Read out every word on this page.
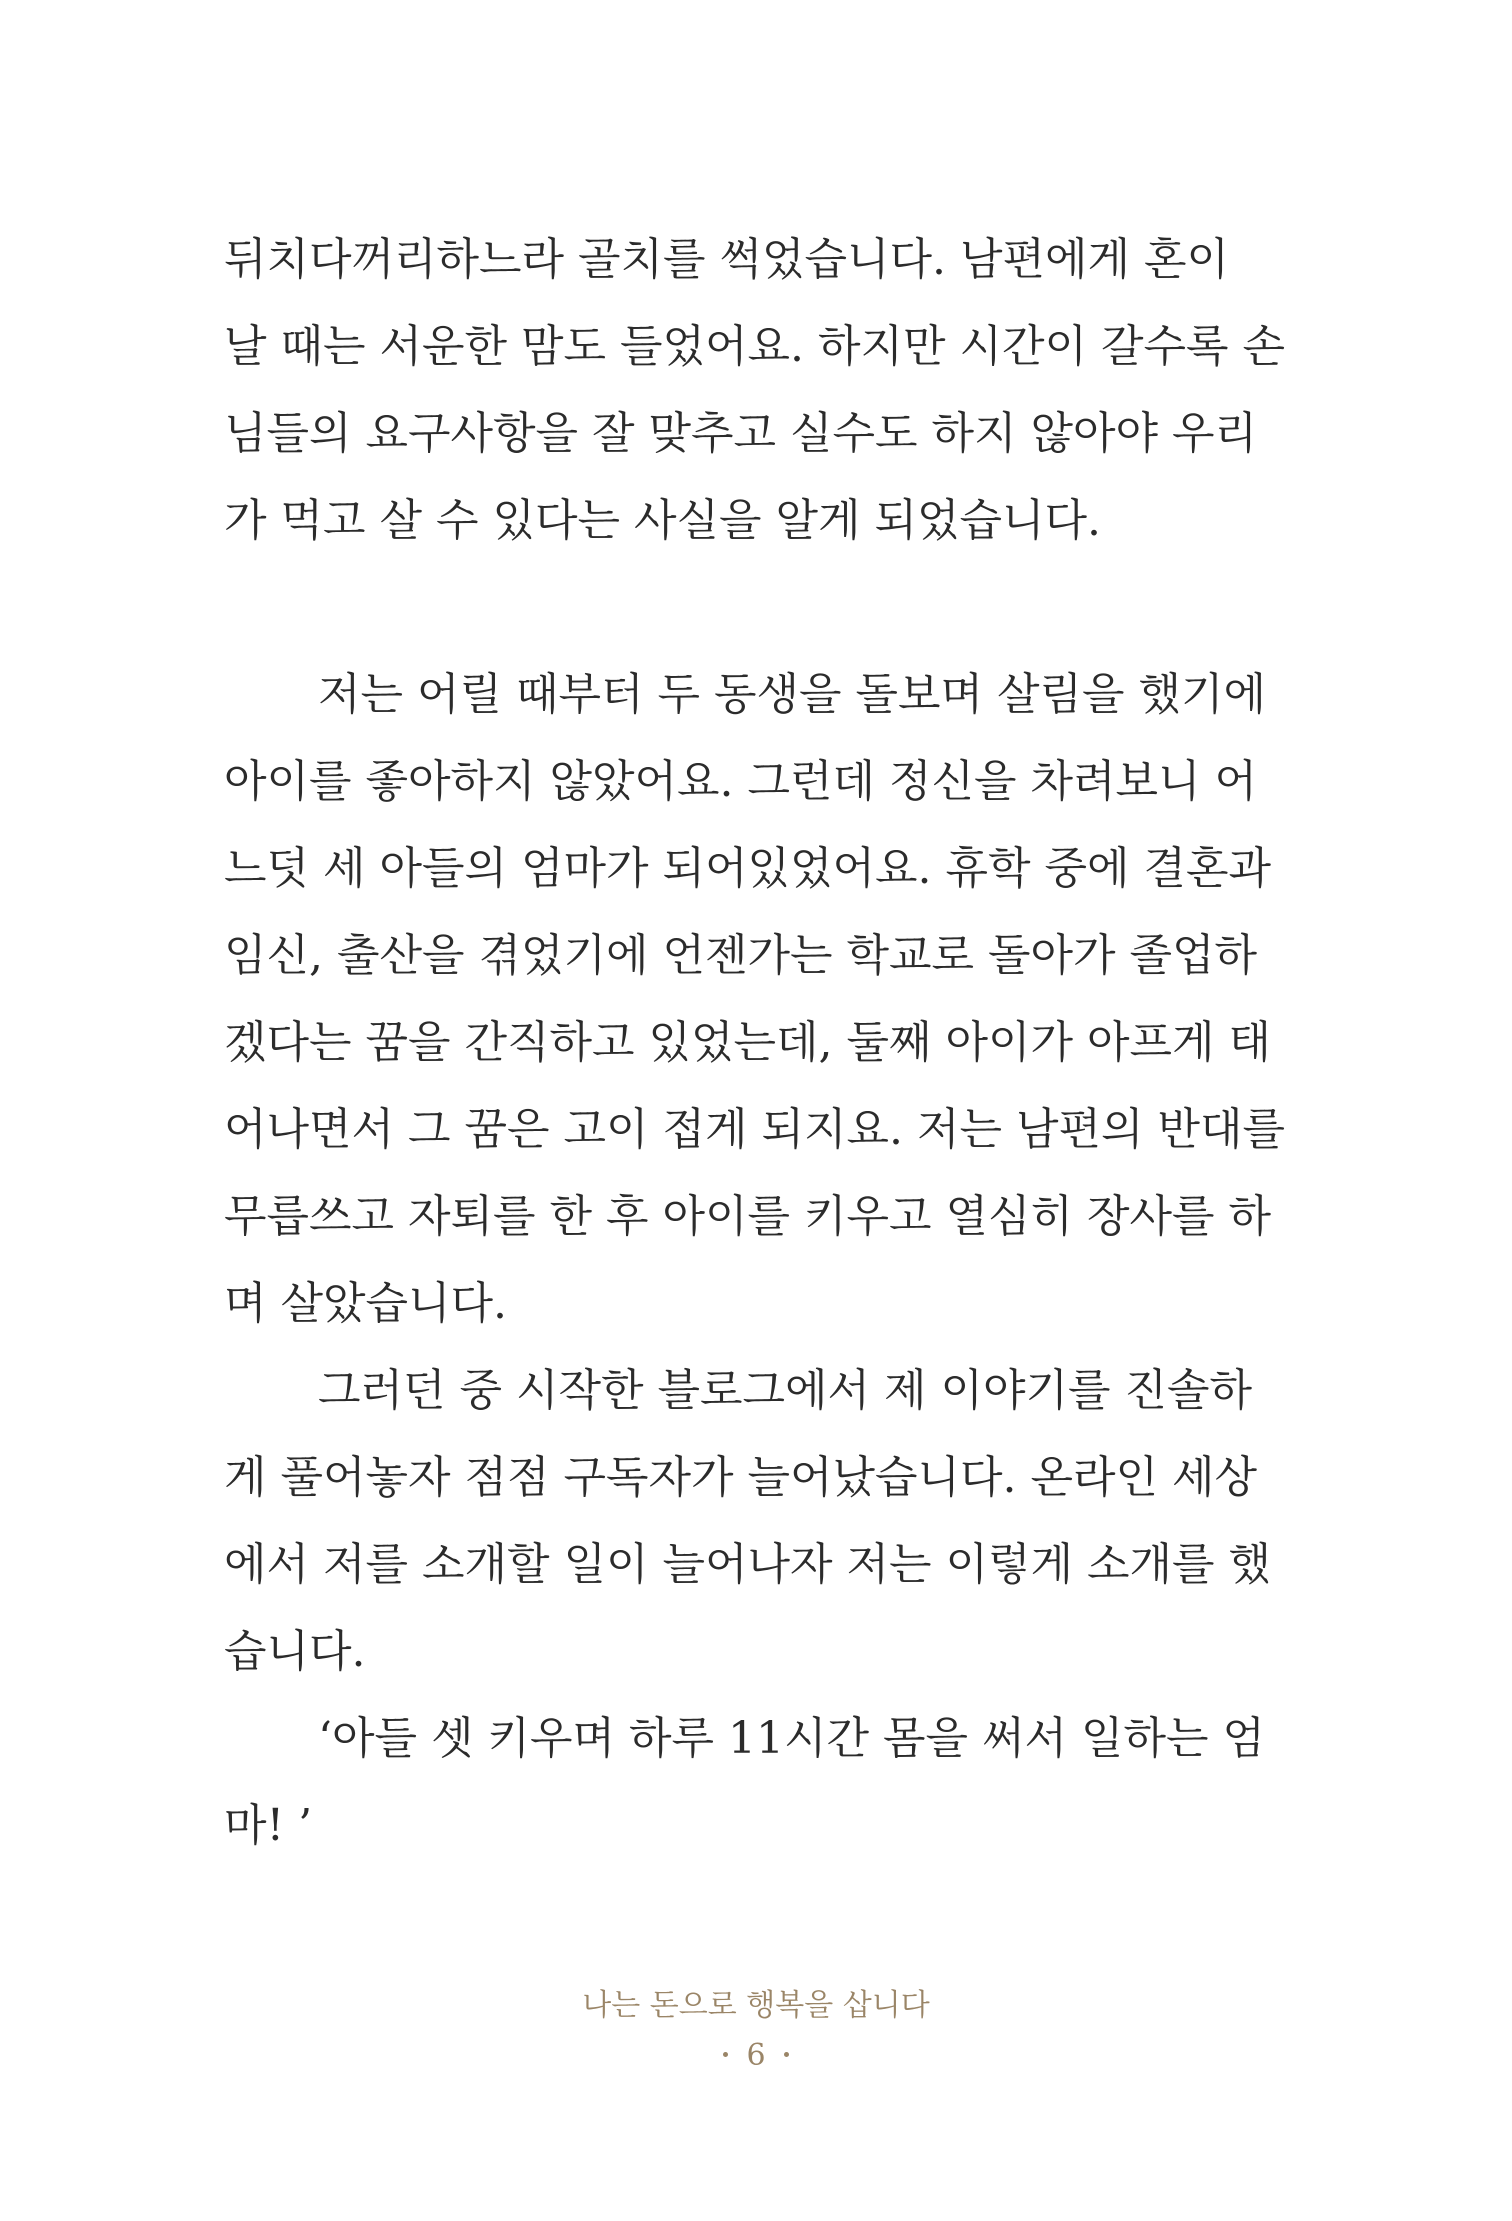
뒤치다꺼리하느라 골치를 썩었습니다. 남편에게 혼이
날 때는 서운한 맘도 들었어요. 하지만 시간이 갈수록 손
님들의 요구사항을 잘 맞추고 실수도 하지 않아야 우리
가 먹고 살 수 있다는 사실을 알게 되었습니다.
저는 어릴 때부터 두 동생을 돌보며 살림을 했기에
아이를 좋아하지 않았어요. 그런데 정신을 차려보니 어
느덧 세 아들의 엄마가 되어있었어요. 휴학 중에 결혼과
임신, 출산을 겪었기에 언젠가는 학교로 돌아가 졸업하
겠다는 꿈을 간직하고 있었는데, 둘째 아이가 아프게 태
어나면서 그 꿈은 고이 접게 되지요. 저는 남편의 반대를
무릅쓰고 자퇴를 한 후 아이를 키우고 열심히 장사를 하
며 살았습니다.
그러던 중 시작한 블로그에서 제 이야기를 진솔하
게 풀어놓자 점점 구독자가 늘어났습니다. 온라인 세상
에서 저를 소개할 일이 늘어나자 저는 이렇게 소개를 했
습니다.
‘아들 셋 키우며 하루 11시간 몸을 써서 일하는 엄
마! ’
나는 돈으로 행복을 삽니다
6
